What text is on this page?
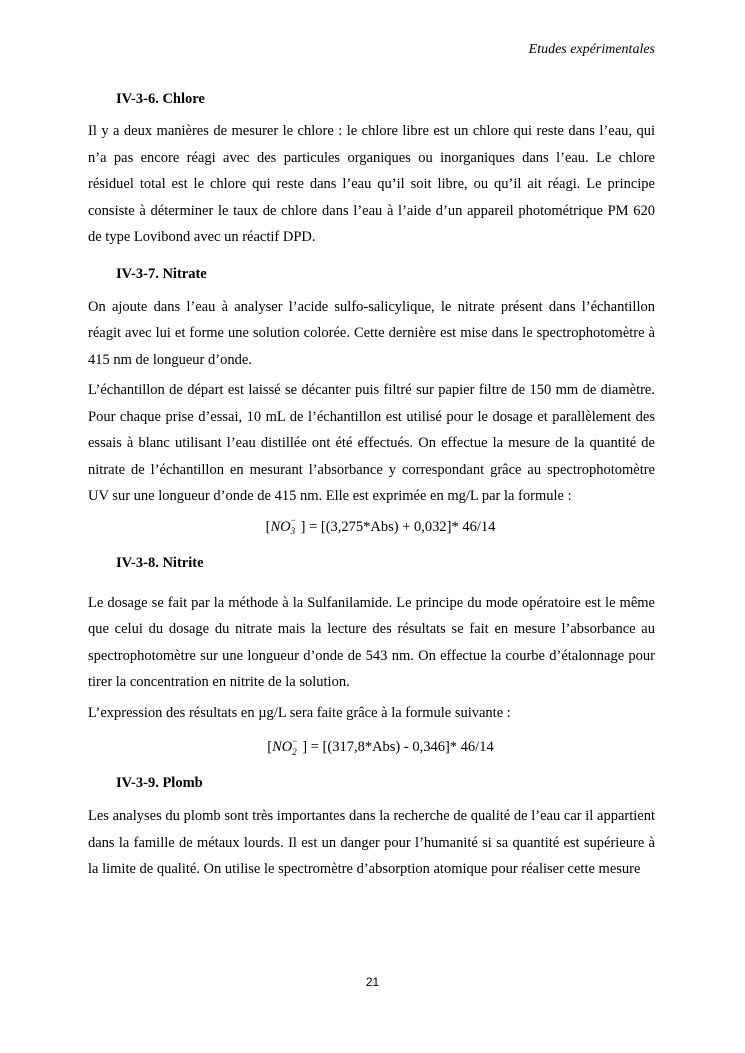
Etudes expérimentales
IV-3-6. Chlore

Il y a deux manières de mesurer le chlore : le chlore libre est un chlore qui reste dans l’eau, qui n’a pas encore réagi avec des particules organiques ou inorganiques dans l’eau. Le chlore résiduel total est le chlore qui reste dans l’eau qu’il soit libre, ou qu’il ait réagi. Le principe consiste à déterminer le taux de chlore dans l’eau à l’aide d’un appareil photométrique PM 620 de type Lovibond avec un réactif DPD.

IV-3-7. Nitrate

On ajoute dans l’eau à analyser l’acide sulfo-salicylique, le nitrate présent dans l’échantillon réagit avec lui et forme une solution colorée. Cette dernière est mise dans le spectrophotomètre à 415 nm de longueur d’onde.

L’échantillon de départ est laissé se décanter puis filtré sur papier filtre de 150 mm de diamètre. Pour chaque prise d’essai, 10 mL de l’échantillon est utilisé pour le dosage et parallèlement des essais à blanc utilisant l’eau distillée ont été effectués. On effectue la mesure de la quantité de nitrate de l’échantillon en mesurant l’absorbance y correspondant grâce au spectrophotomètre UV sur une longueur d’onde de 415 nm. Elle est exprimée en mg/L par la formule :

[NO −
3 ] = [(3,275*Abs) + 0,032]* 46/14

IV-3-8. Nitrite

Le dosage se fait par la méthode à la Sulfanilamide. Le principe du mode opératoire est le même que celui du dosage du nitrate mais la lecture des résultats se fait en mesure l’absorbance au spectrophotomètre sur une longueur d’onde de 543 nm. On effectue la courbe d’étalonnage pour tirer la concentration en nitrite de la solution.

L’expression des résultats en µg/L sera faite grâce à la formule suivante :

[NO −
2 ] = [(317,8*Abs) - 0,346]* 46/14

IV-3-9. Plomb

Les analyses du plomb sont très importantes dans la recherche de qualité de l’eau car il appartient dans la famille de métaux lourds. Il est un danger pour l’humanité si sa quantité est supérieure à la limite de qualité. On utilise le spectromètre d’absorption atomique pour réaliser cette mesure

21
